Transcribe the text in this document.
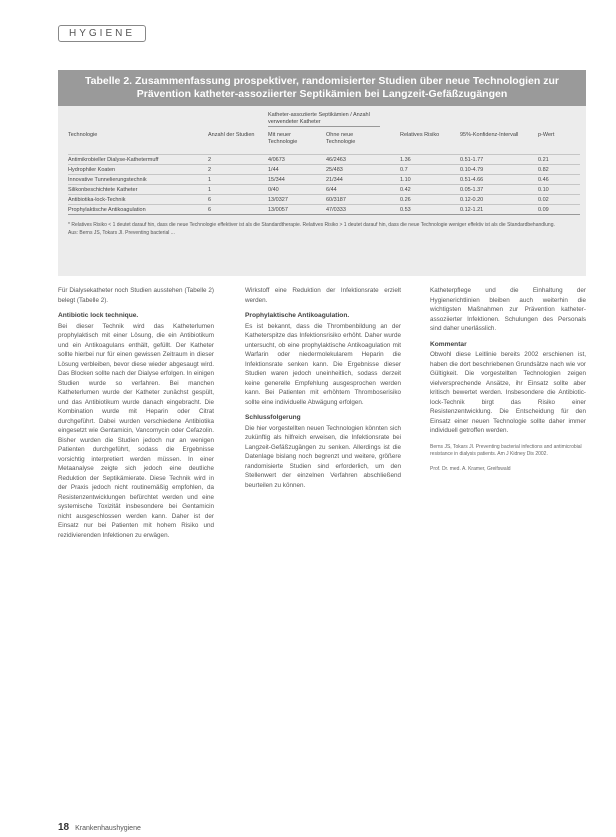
HYGIENE
Tabelle 2. Zusammenfassung prospektiver, randomisierter Studien über neue Technologien zur
Prävention katheter-assoziierter Septikämien bei Langzeit-Gefäßzugängen
Technologie	Anzahl der Studien
Katheter-assoziierte Septikämien / Anzahl verwendeter Katheter
Mit neuer Technologie
Ohne neue Technologie
Relatives Risiko	95%-Konfidenz-Intervall	p-Wert
Antimikrobieller Dialyse-Kathetermuff	2	4/0673	46/2463	1.36	0.51-1.77	0.21
Hydrophiler Koaten	2	1/44	25/483	0.7	0.10-4.79	0.82
Innovative Tunnelierungstechnik	1	15/344	21/344	1.10	0.51-4.66	0.46
Silikonbeschichtete Katheter	1	0/40	6/44	0.42	0.05-1.37	0.10
Antibiotika-lock-Technik	6	13/0327	60/3187	0.26	0.12-0.20	0.02
Prophylaktische Antikoagulation	6	13/0057	47/0333	0.53	0.12-1.21	0.09
* Relatives Risiko < 1 deutet darauf hin, dass die neue Technologie effektiver ist als die Standardtherapie. Relatives Risiko > 1 deutet darauf hin, dass die neue Technologie weniger effektiv ist als die Standardbehandlung.
Aus: Berns JS, Tokars JI. Preventing bacterial ...

Für Dialysekatheter noch Studien ausstehen (Tabelle 2) belegt (Tabelle 2).

Antibiotic lock technique.

Bei dieser Technik wird das Katheterlumen prophylaktisch mit einer Lösung, die ein Antibiotikum und ein Antikoagulans enthält, gefüllt. Der Katheter sollte hierbei nur für einen gewissen Zeitraum in dieser Lösung verbleiben, bevor diese wieder abgesaugt wird. Das Blocken sollte nach der Dialyse erfolgen. In einigen Studien wurde so verfahren. Bei manchen Katheterlumen wurde der Katheter zunächst gespült, und das Antibiotikum wurde danach eingebracht. Die Kombination wurde mit Heparin oder Citrat durchgeführt. Dabei wurden verschiedene Antibiotika eingesetzt wie Gentamicin, Vancomycin oder Cefazolin. Bisher wurden die Studien jedoch nur an wenigen Patienten durchgeführt, sodass die Ergebnisse vorsichtig interpretiert werden müssen. In einer Metaanalyse zeigte sich jedoch eine deutliche Reduktion der Septikämierate. Diese Technik wird in der Praxis jedoch nicht routinemäßig empfohlen, da Resistenzentwicklungen befürchtet werden und eine systemische Toxizität insbesondere bei Gentamicin nicht ausgeschlossen werden kann. Daher ist der Einsatz nur bei Patienten mit hohem Risiko und rezidivierenden Infektionen zu erwägen.

Wirkstoff eine Reduktion der Infektionsrate erzielt werden.

Prophylaktische Antikoagulation.

Es ist bekannt, dass die Thrombenbildung an der Katheterspitze das Infektionsrisiko erhöht. Daher wurde untersucht, ob eine prophylaktische Antikoagulation mit Warfarin oder niedermolekularem Heparin die Infektionsrate senken kann. Die Ergebnisse dieser Studien waren jedoch uneinheitlich, sodass derzeit keine generelle Empfehlung ausgesprochen werden kann. Bei Patienten mit erhöhtem Thromboserisiko sollte eine individuelle Abwägung erfolgen.

Schlussfolgerung

Die hier vorgestellten neuen Technologien könnten sich zukünftig als hilfreich erweisen, die Infektionsrate bei Langzeit-Gefäßzugängen zu senken. Allerdings ist die Datenlage bislang noch begrenzt und weitere, größere randomisierte Studien sind erforderlich, um den Stellenwert der einzelnen Verfahren abschließend beurteilen zu können.

Katheterpflege und die Einhaltung der Hygienerichtlinien bleiben auch weiterhin die wichtigsten Maßnahmen zur Prävention katheter-assoziierter Infektionen. Schulungen des Personals sind daher unerlässlich.

Kommentar

Obwohl diese Leitlinie bereits 2002 erschienen ist, haben die dort beschriebenen Grundsätze nach wie vor Gültigkeit. Die vorgestellten Technologien zeigen vielversprechende Ansätze, ihr Einsatz sollte aber kritisch bewertet werden. Insbesondere die Antibiotic-lock-Technik birgt das Risiko einer Resistenzentwicklung. Die Entscheidung für den Einsatz einer neuen Technologie sollte daher immer individuell getroffen werden.

Berns JS, Tokars JI. Preventing bacterial infections and antimicrobial resistance in dialysis patients. Am J Kidney Dis 2002.
Prof. Dr. med. A. Kramer, Greifswald
18 Krankenhaushygiene
